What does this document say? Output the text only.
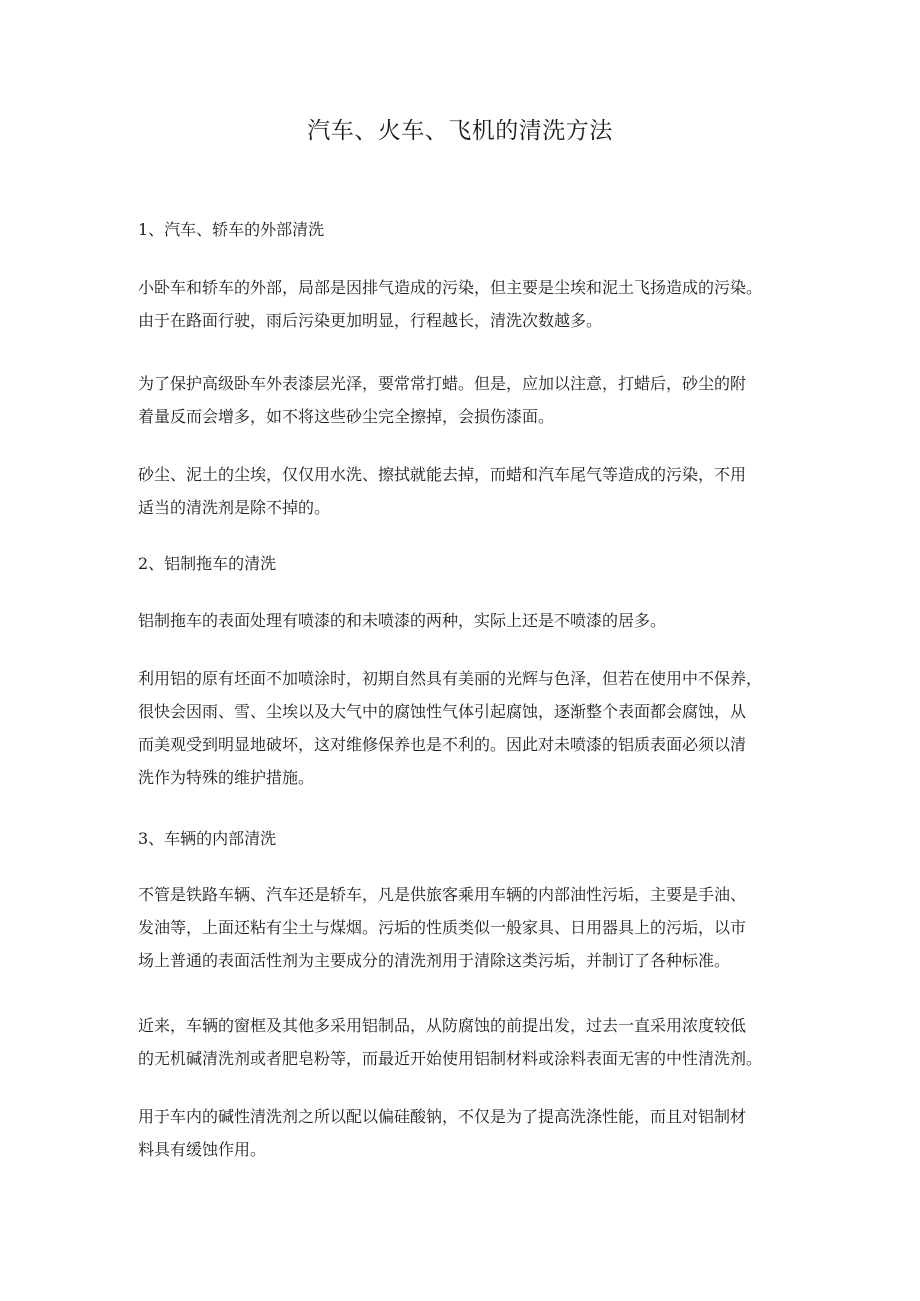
汽车、火车、飞机的清洗方法
1、汽车、轿车的外部清洗
小卧车和轿车的外部，局部是因排气造成的污染，但主要是尘埃和泥土飞扬造成的污染。
由于在路面行驶，雨后污染更加明显，行程越长，清洗次数越多。
为了保护高级卧车外表漆层光泽，要常常打蜡。但是，应加以注意，打蜡后，砂尘的附
着量反而会增多，如不将这些砂尘完全擦掉，会损伤漆面。
砂尘、泥土的尘埃，仅仅用水洗、擦拭就能去掉，而蜡和汽车尾气等造成的污染，不用
适当的清洗剂是除不掉的。
2、铝制拖车的清洗
铝制拖车的表面处理有喷漆的和未喷漆的两种，实际上还是不喷漆的居多。
利用铝的原有坯面不加喷涂时，初期自然具有美丽的光辉与色泽，但若在使用中不保养，
很快会因雨、雪、尘埃以及大气中的腐蚀性气体引起腐蚀，逐渐整个表面都会腐蚀，从
而美观受到明显地破坏，这对维修保养也是不利的。因此对未喷漆的铝质表面必须以清
洗作为特殊的维护措施。
3、车辆的内部清洗
不管是铁路车辆、汽车还是轿车，凡是供旅客乘用车辆的内部油性污垢，主要是手油、
发油等，上面还粘有尘土与煤烟。污垢的性质类似一般家具、日用器具上的污垢，以市
场上普通的表面活性剂为主要成分的清洗剂用于清除这类污垢，并制订了各种标准。
近来，车辆的窗框及其他多采用铝制品，从防腐蚀的前提出发，过去一直采用浓度较低
的无机碱清洗剂或者肥皂粉等，而最近开始使用铝制材料或涂料表面无害的中性清洗剂。
用于车内的碱性清洗剂之所以配以偏硅酸钠，不仅是为了提高洗涤性能，而且对铝制材
料具有缓蚀作用。
